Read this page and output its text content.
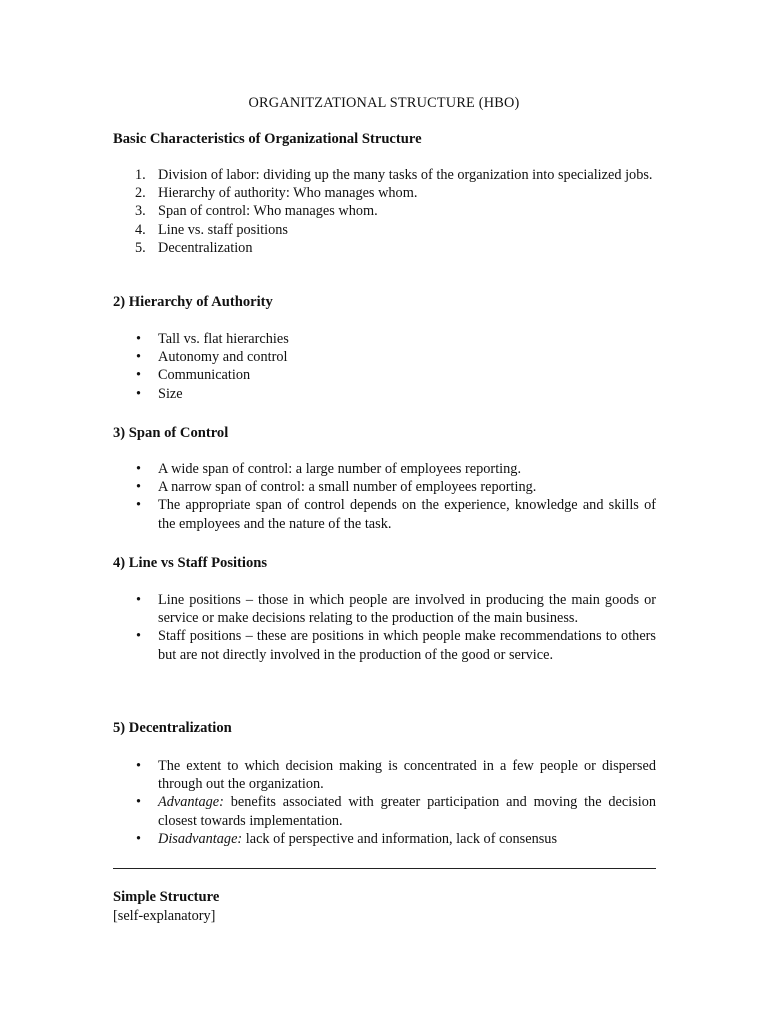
ORGANITZATIONAL STRUCTURE (HBO)
Basic Characteristics of Organizational Structure
1. Division of labor: dividing up the many tasks of the organization into specialized jobs.
2. Hierarchy of authority: Who manages whom.
3. Span of control: Who manages whom.
4. Line vs. staff positions
5. Decentralization
2) Hierarchy of Authority
• Tall vs. flat hierarchies
• Autonomy and control
• Communication
• Size
3) Span of Control
• A wide span of control: a large number of employees reporting.
• A narrow span of control: a small number of employees reporting.
• The appropriate span of control depends on the experience, knowledge and skills of the employees and the nature of the task.
4) Line vs Staff Positions
• Line positions – those in which people are involved in producing the main goods or service or make decisions relating to the production of the main business.
• Staff positions – these are positions in which people make recommendations to others but are not directly involved in the production of the good or service.
5) Decentralization
• The extent to which decision making is concentrated in a few people or dispersed through out the organization.
• Advantage: benefits associated with greater participation and moving the decision closest towards implementation.
• Disadvantage: lack of perspective and information, lack of consensus
Simple Structure
[self-explanatory]
